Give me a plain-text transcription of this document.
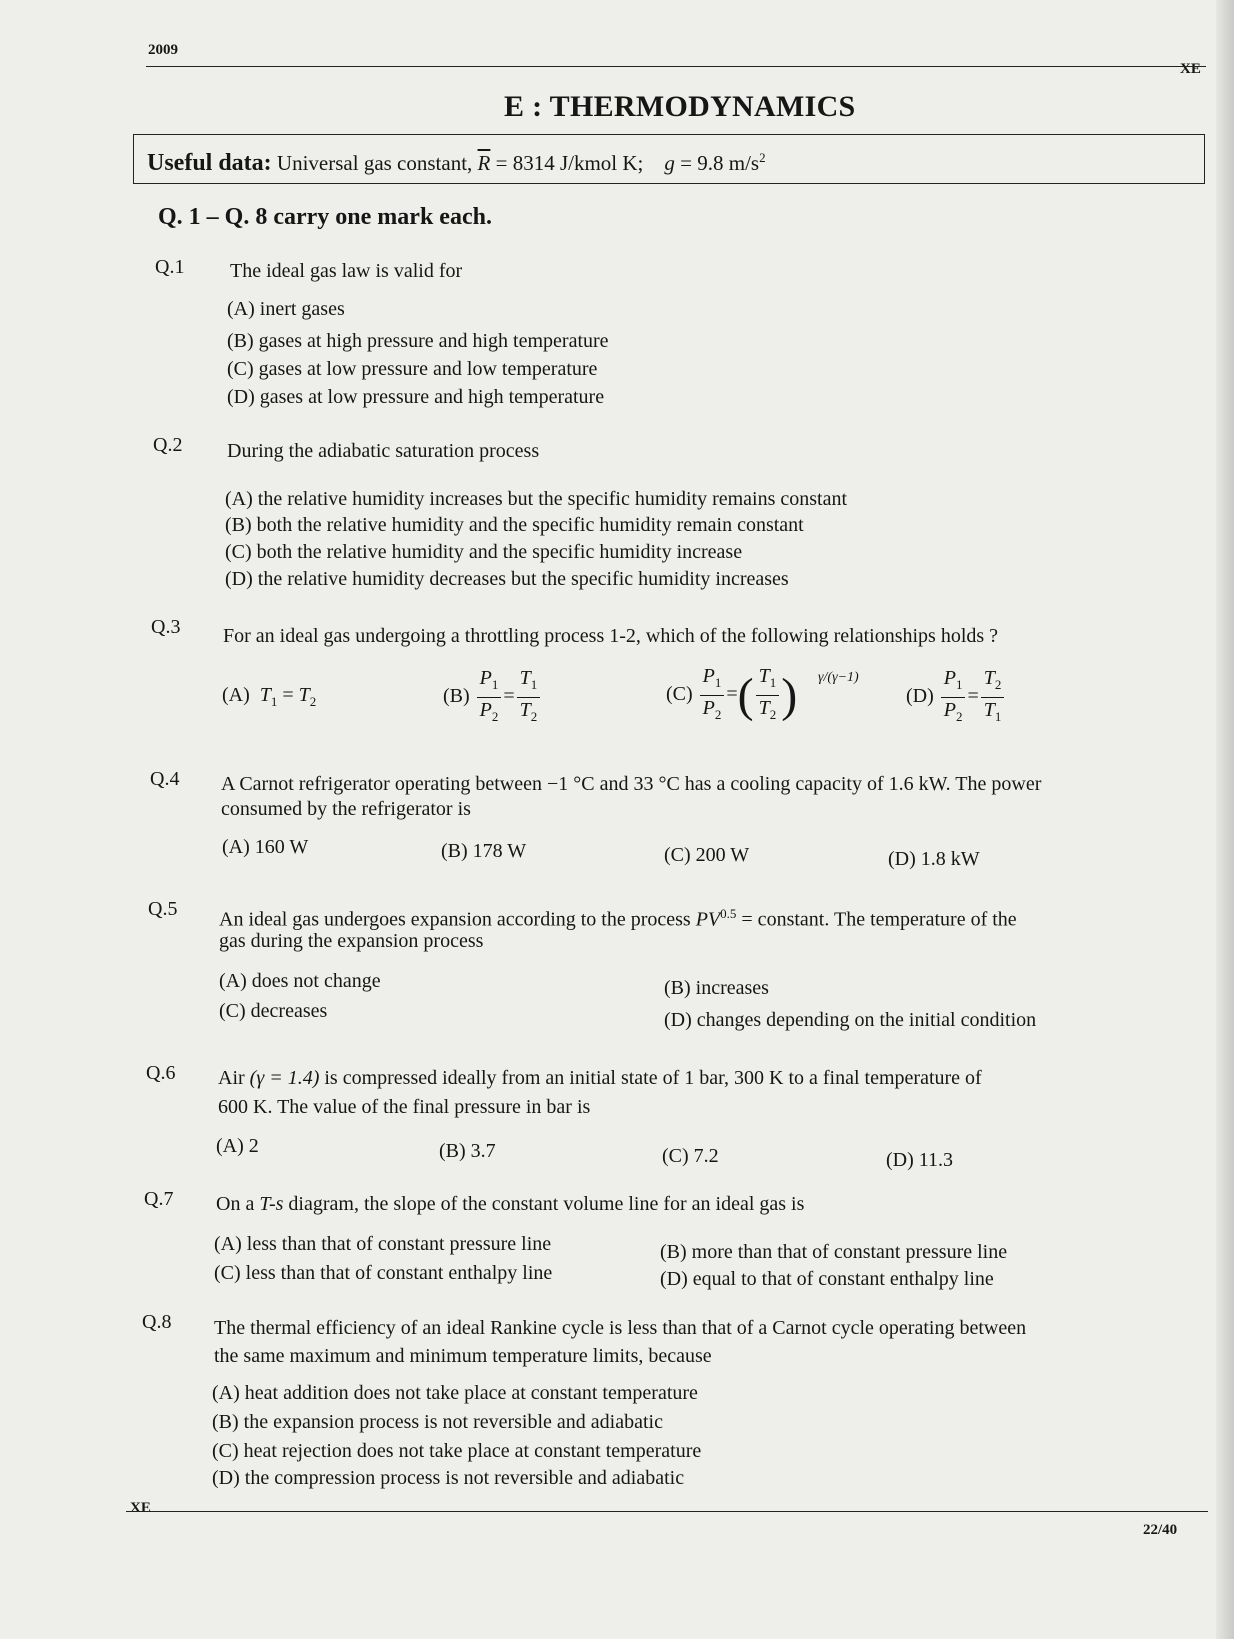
2009
XE
E : THERMODYNAMICS
Useful data: Universal gas constant, $\overline{R} = 8314$ J/kmol K; g = 9.8 $m/s^2$
Q. 1 – Q. 8 carry one mark each.
Q.1 The ideal gas law is valid for
(A) inert gases
(B) gases at high pressure and high temperature
(C) gases at low pressure and low temperature
(D) gases at low pressure and high temperature
Q.2 During the adiabatic saturation process
(A) the relative humidity increases but the specific humidity remains constant
(B) both the relative humidity and the specific humidity remain constant
(C) both the relative humidity and the specific humidity increase
(D) the relative humidity decreases but the specific humidity increases
Q.3 For an ideal gas undergoing a throttling process 1-2, which of the following relationships holds ?
(A) $T_1 = T_2$	$(B) \frac{P_1}{P_2} = \frac{T_1}{T_2}$	$(C) \frac{P_1}{P_2}$ =( $\frac{T_1}{T_2}$ ) γ/(γ−1)
$(D) \frac{P_1}{P_2} = \frac{T_2}{T_1}$
Q.4 A Carnot refrigerator operating between −1 °C and 33 °C has a cooling capacity of 1.6 kW. The power
consumed by the refrigerator is
(A) 160 W	(B) 178 W	(C) 200 W	(D) 1.8 kW
Q.5 An ideal gas undergoes expansion according to the process $PV^{0.5}$ = constant. The temperature of the
gas during the expansion process
(A) does not change	(B) increases
(C) decreases	(D) changes depending on the initial condition
Q.6 Air (γ = 1.4) is compressed ideally from an initial state of 1 bar, 300 K to a final temperature of
600 K. The value of the final pressure in bar is
(A) 2	(B) 3.7	(C) 7.2	(D) 11.3
Q.7 On a T-s diagram, the slope of the constant volume line for an ideal gas is
(A) less than that of constant pressure line	(B) more than that of constant pressure line
(C) less than that of constant enthalpy line	(D) equal to that of constant enthalpy line
Q.8 The thermal efficiency of an ideal Rankine cycle is less than that of a Carnot cycle operating between
the same maximum and minimum temperature limits, because
(A) heat addition does not take place at constant temperature
(B) the expansion process is not reversible and adiabatic
(C) heat rejection does not take place at constant temperature
(D) the compression process is not reversible and adiabatic
XE
22/40
